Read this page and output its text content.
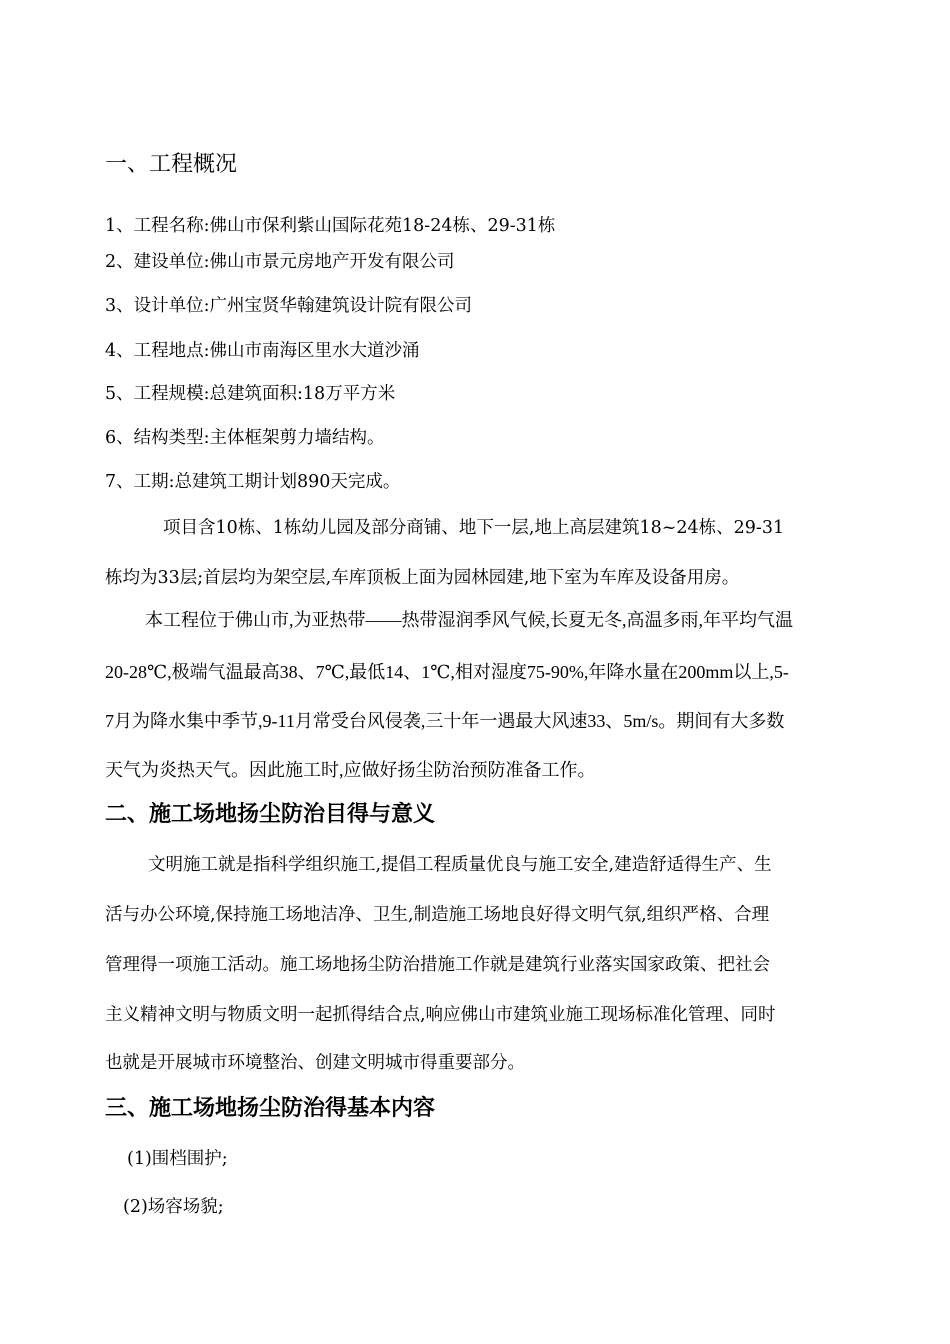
一、工程概况
1、工程名称:佛山市保利紫山国际花苑18-24栋、29-31栋
2、建设单位:佛山市景元房地产开发有限公司
3、设计单位:广州宝贤华翰建筑设计院有限公司
4、工程地点:佛山市南海区里水大道沙涌
5、工程规模:总建筑面积:18万平方米
6、结构类型:主体框架剪力墙结构。
7、工期:总建筑工期计划890天完成。
项目含10栋、1栋幼儿园及部分商铺、地下一层,地上高层建筑18~24栋、29-31
栋均为33层;首层均为架空层,车库顶板上面为园林园建,地下室为车库及设备用房。
本工程位于佛山市,为亚热带——热带湿润季风气候,长夏无冬,高温多雨,年平均气温
20-28℃,极端气温最高38、7℃,最低14、1℃,相对湿度75-90%,年降水量在200mm以上,5-
7月为降水集中季节,9-11月常受台风侵袭,三十年一遇最大风速33、5m/s。期间有大多数
天气为炎热天气。因此施工时,应做好扬尘防治预防准备工作。
二、施工场地扬尘防治目得与意义
文明施工就是指科学组织施工,提倡工程质量优良与施工安全,建造舒适得生产、生
活与办公环境,保持施工场地洁净、卫生,制造施工场地良好得文明气氛,组织严格、合理
管理得一项施工活动。施工场地扬尘防治措施工作就是建筑行业落实国家政策、把社会
主义精神文明与物质文明一起抓得结合点,响应佛山市建筑业施工现场标准化管理、同时
也就是开展城市环境整治、创建文明城市得重要部分。
三、施工场地扬尘防治得基本内容
(1)围档围护;
(2)场容场貌;
